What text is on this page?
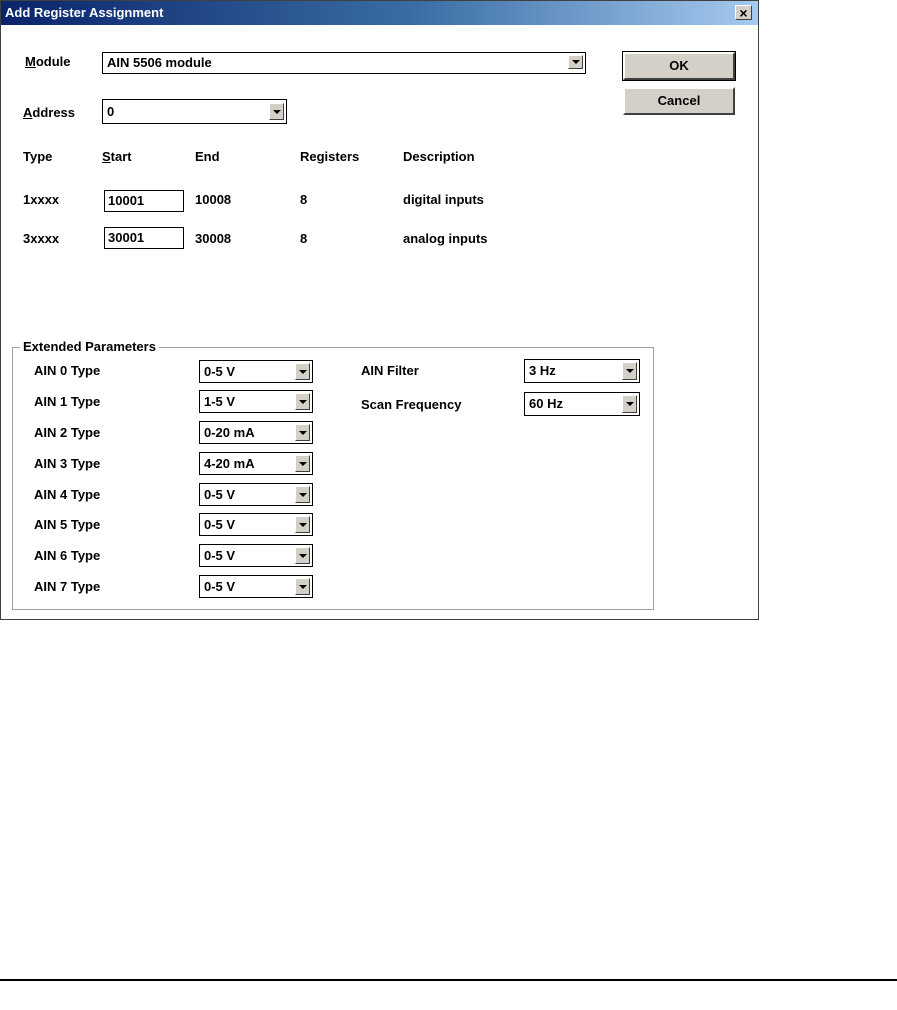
Add Register Assignment	×
Module	AIN 5506 module
Address 0
OK
Cancel
Type	Start	End	Registers	Description
1xxxx	10001	10008	8	digital inputs
3xxxx	30001	30008	8	analog inputs
Extended Parameters
AIN 0 Type	0-5 V
AIN 1 Type	1-5 V
AIN 2 Type	0-20 mA
AIN 3 Type	4-20 mA
AIN 4 Type	0-5 V
AIN 5 Type	0-5 V
AIN 6 Type	0-5 V
AIN 7 Type	0-5 V
AIN Filter	3 Hz
Scan Frequency	60 Hz
